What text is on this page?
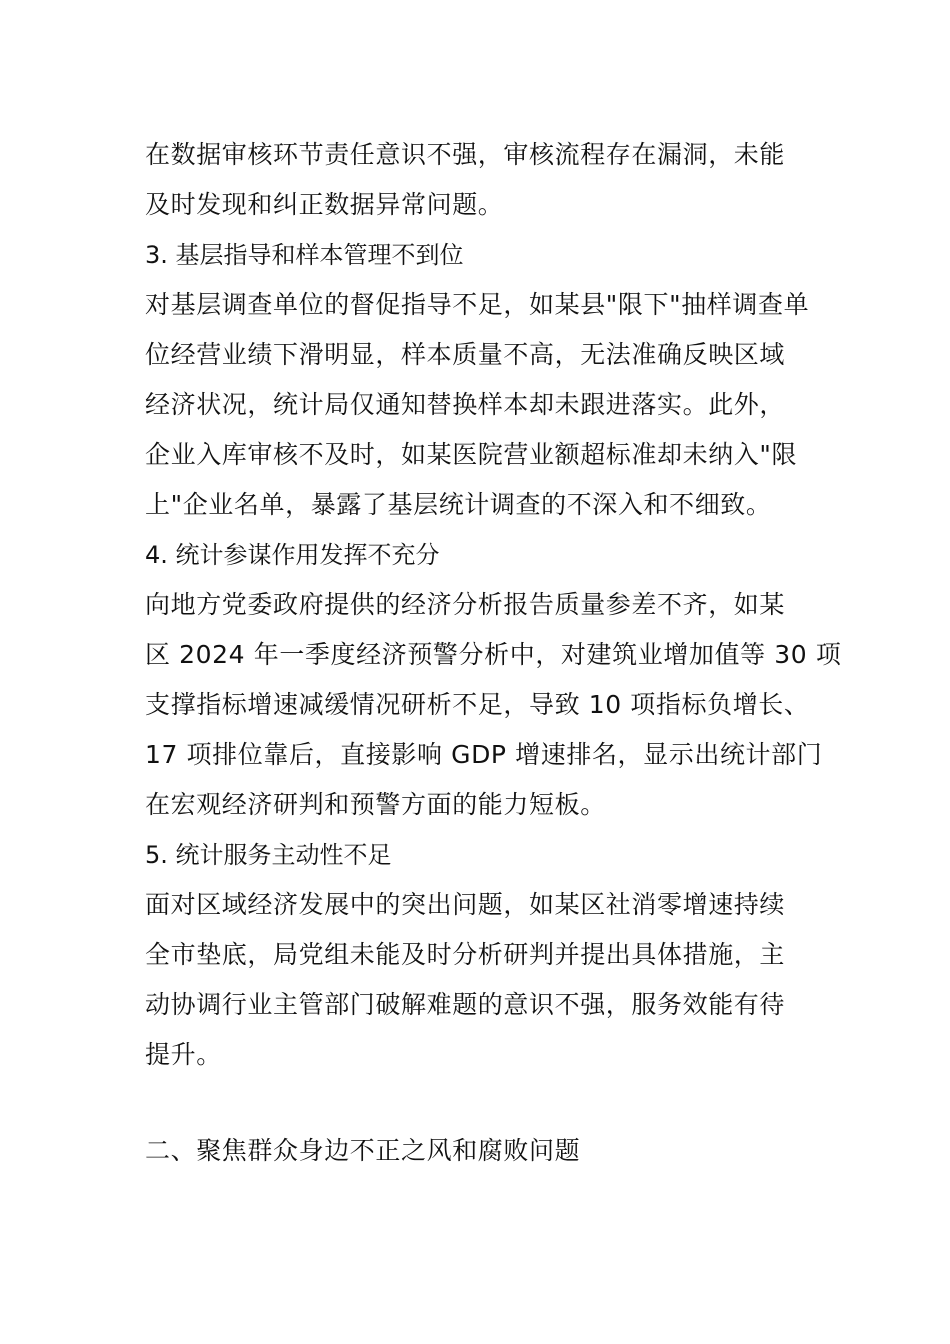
在数据审核环节责任意识不强，审核流程存在漏洞，未能
及时发现和纠正数据异常问题。
3. 基层指导和样本管理不到位
对基层调查单位的督促指导不足，如某县"限下"抽样调查单
位经营业绩下滑明显，样本质量不高，无法准确反映区域
经济状况，统计局仅通知替换样本却未跟进落实。此外，
企业入库审核不及时，如某医院营业额超标准却未纳入"限
上"企业名单，暴露了基层统计调查的不深入和不细致。
4. 统计参谋作用发挥不充分
向地方党委政府提供的经济分析报告质量参差不齐，如某
区 2024 年一季度经济预警分析中，对建筑业增加值等 30 项
支撑指标增速减缓情况研析不足，导致 10 项指标负增长、
17 项排位靠后，直接影响 GDP 增速排名，显示出统计部门
在宏观经济研判和预警方面的能力短板。
5. 统计服务主动性不足
面对区域经济发展中的突出问题，如某区社消零增速持续
全市垫底，局党组未能及时分析研判并提出具体措施，主
动协调行业主管部门破解难题的意识不强，服务效能有待
提升。
二、聚焦群众身边不正之风和腐败问题
